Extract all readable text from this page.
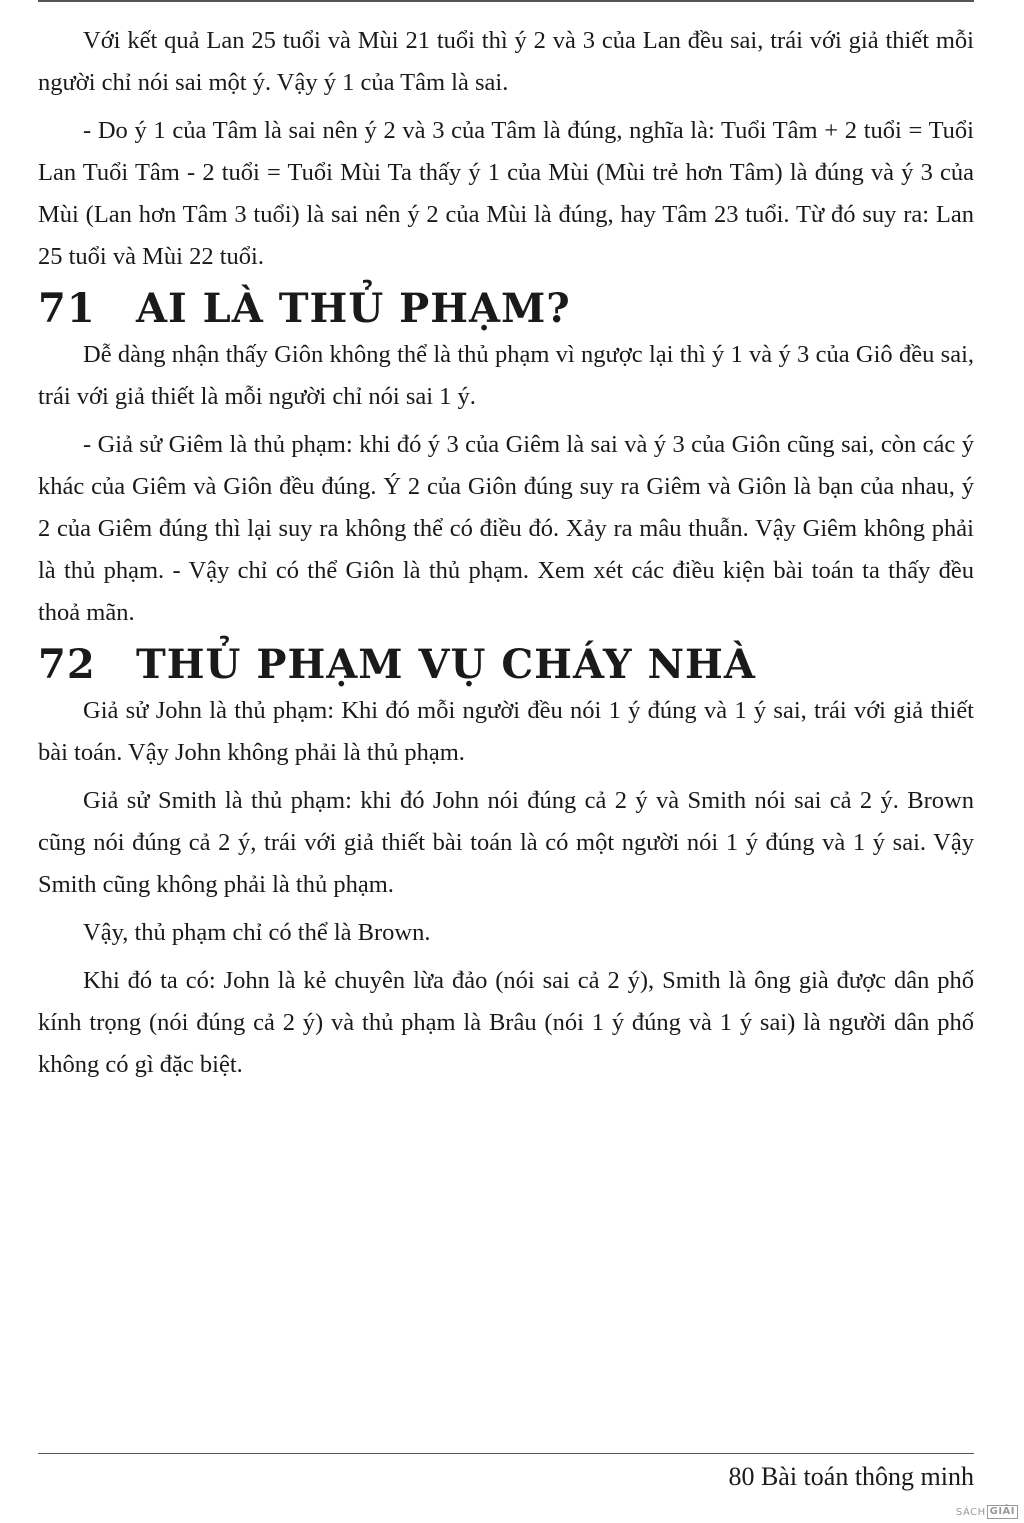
Với kết quả Lan 25 tuổi và Mùi 21 tuổi thì ý 2 và 3 của Lan đều sai, trái với giả thiết mỗi người chỉ nói sai một ý. Vậy ý 1 của Tâm là sai.

- Do ý 1 của Tâm là sai nên ý 2 và 3 của Tâm là đúng, nghĩa là: Tuổi Tâm + 2 tuổi = Tuổi Lan Tuổi Tâm - 2 tuổi = Tuổi Mùi Ta thấy ý 1 của Mùi (Mùi trẻ hơn Tâm) là đúng và ý 3 của Mùi (Lan hơn Tâm 3 tuổi) là sai nên ý 2 của Mùi là đúng, hay Tâm 23 tuổi. Từ đó suy ra: Lan 25 tuổi và Mùi 22 tuổi.

71 AI LÀ THỦ PHẠM?

Dễ dàng nhận thấy Giôn không thể là thủ phạm vì ngược lại thì ý 1 và ý 3 của Giô đều sai, trái với giả thiết là mỗi người chỉ nói sai 1 ý.

- Giả sử Giêm là thủ phạm: khi đó ý 3 của Giêm là sai và ý 3 của Giôn cũng sai, còn các ý khác của Giêm và Giôn đều đúng. Ý 2 của Giôn đúng suy ra Giêm và Giôn là bạn của nhau, ý 2 của Giêm đúng thì lại suy ra không thể có điều đó. Xảy ra mâu thuẫn. Vậy Giêm không phải là thủ phạm. - Vậy chỉ có thể Giôn là thủ phạm. Xem xét các điều kiện bài toán ta thấy đều thoả mãn.

72 THỦ PHẠM VỤ CHÁY NHÀ

Giả sử John là thủ phạm: Khi đó mỗi người đều nói 1 ý đúng và 1 ý sai, trái với giả thiết bài toán. Vậy John không phải là thủ phạm.

Giả sử Smith là thủ phạm: khi đó John nói đúng cả 2 ý và Smith nói sai cả 2 ý. Brown cũng nói đúng cả 2 ý, trái với giả thiết bài toán là có một người nói 1 ý đúng và 1 ý sai. Vậy Smith cũng không phải là thủ phạm.

Vậy, thủ phạm chỉ có thể là Brown.

Khi đó ta có: John là kẻ chuyên lừa đảo (nói sai cả 2 ý), Smith là ông già được dân phố kính trọng (nói đúng cả 2 ý) và thủ phạm là Brâu (nói 1 ý đúng và 1 ý sai) là người dân phố không có gì đặc biệt.

80 Bài toán thông minh
SÁCH GIẢI
